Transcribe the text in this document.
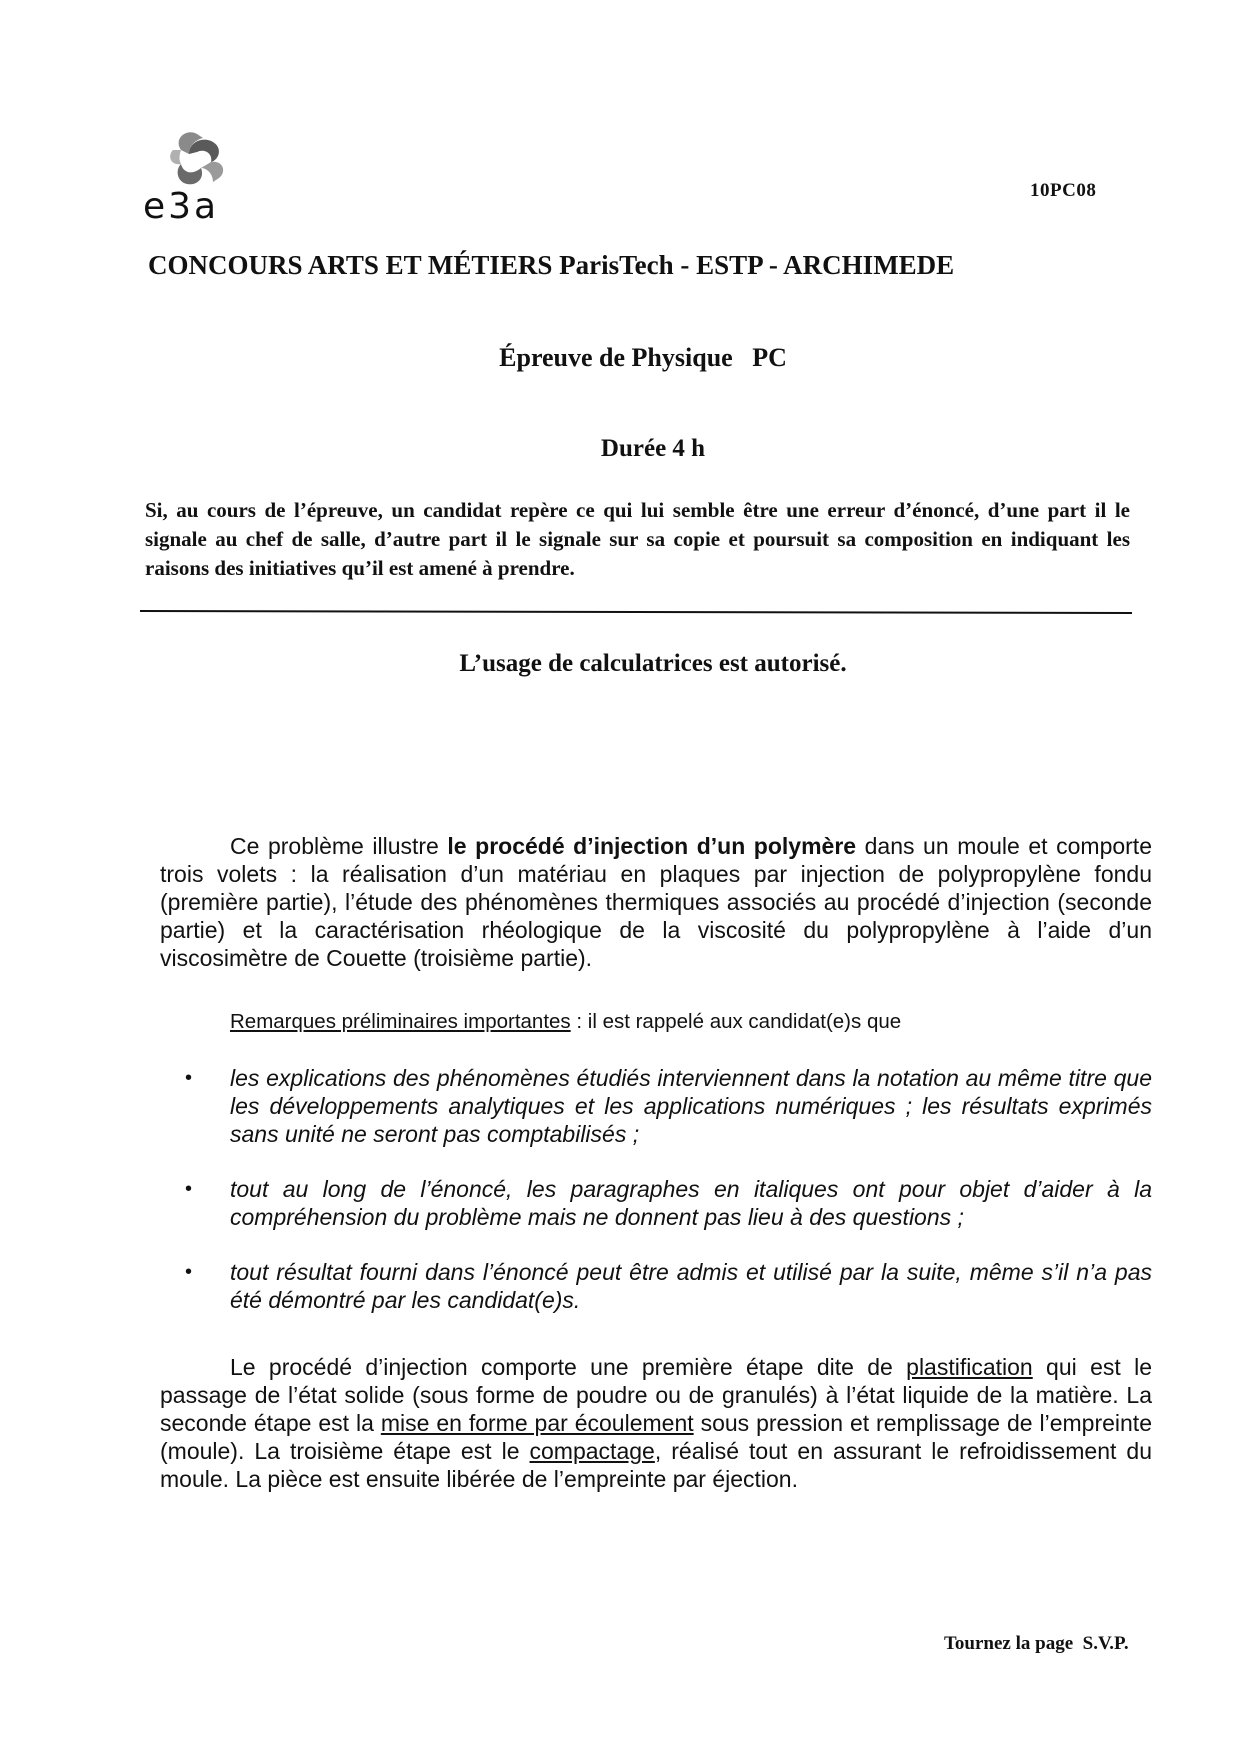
e3a	10PC08
CONCOURS ARTS ET MÉTIERS ParisTech - ESTP - ARCHIMEDE
Épreuve de Physique   PC
Durée 4 h
Si, au cours de l’épreuve, un candidat repère ce qui lui semble être une erreur d’énoncé, d’une part il le signale au chef de salle, d’autre part il le signale sur sa copie et poursuit sa composition en indiquant les raisons des initiatives qu’il est amené à prendre.
L’usage de calculatrices est autorisé.
Ce problème illustre le procédé d’injection d’un polymère dans un moule et comporte trois volets : la réalisation d’un matériau en plaques par injection de polypropylène fondu (première partie), l’étude des phénomènes thermiques associés au procédé d’injection (seconde partie) et la caractérisation rhéologique de la viscosité du polypropylène à l’aide d’un viscosimètre de Couette (troisième partie).
Remarques préliminaires importantes : il est rappelé aux candidat(e)s que
• les explications des phénomènes étudiés interviennent dans la notation au même titre que les développements analytiques et les applications numériques ; les résultats exprimés sans unité ne seront pas comptabilisés ;
• tout au long de l’énoncé, les paragraphes en italiques ont pour objet d’aider à la compréhension du problème mais ne donnent pas lieu à des questions ;
• tout résultat fourni dans l’énoncé peut être admis et utilisé par la suite, même s’il n’a pas été démontré par les candidat(e)s.
Le procédé d’injection comporte une première étape dite de plastification qui est le passage de l’état solide (sous forme de poudre ou de granulés) à l’état liquide de la matière. La seconde étape est la mise en forme par écoulement sous pression et remplissage de l’empreinte (moule). La troisième étape est le compactage, réalisé tout en assurant le refroidissement du moule. La pièce est ensuite libérée de l’empreinte par éjection.
Tournez la page  S.V.P.
